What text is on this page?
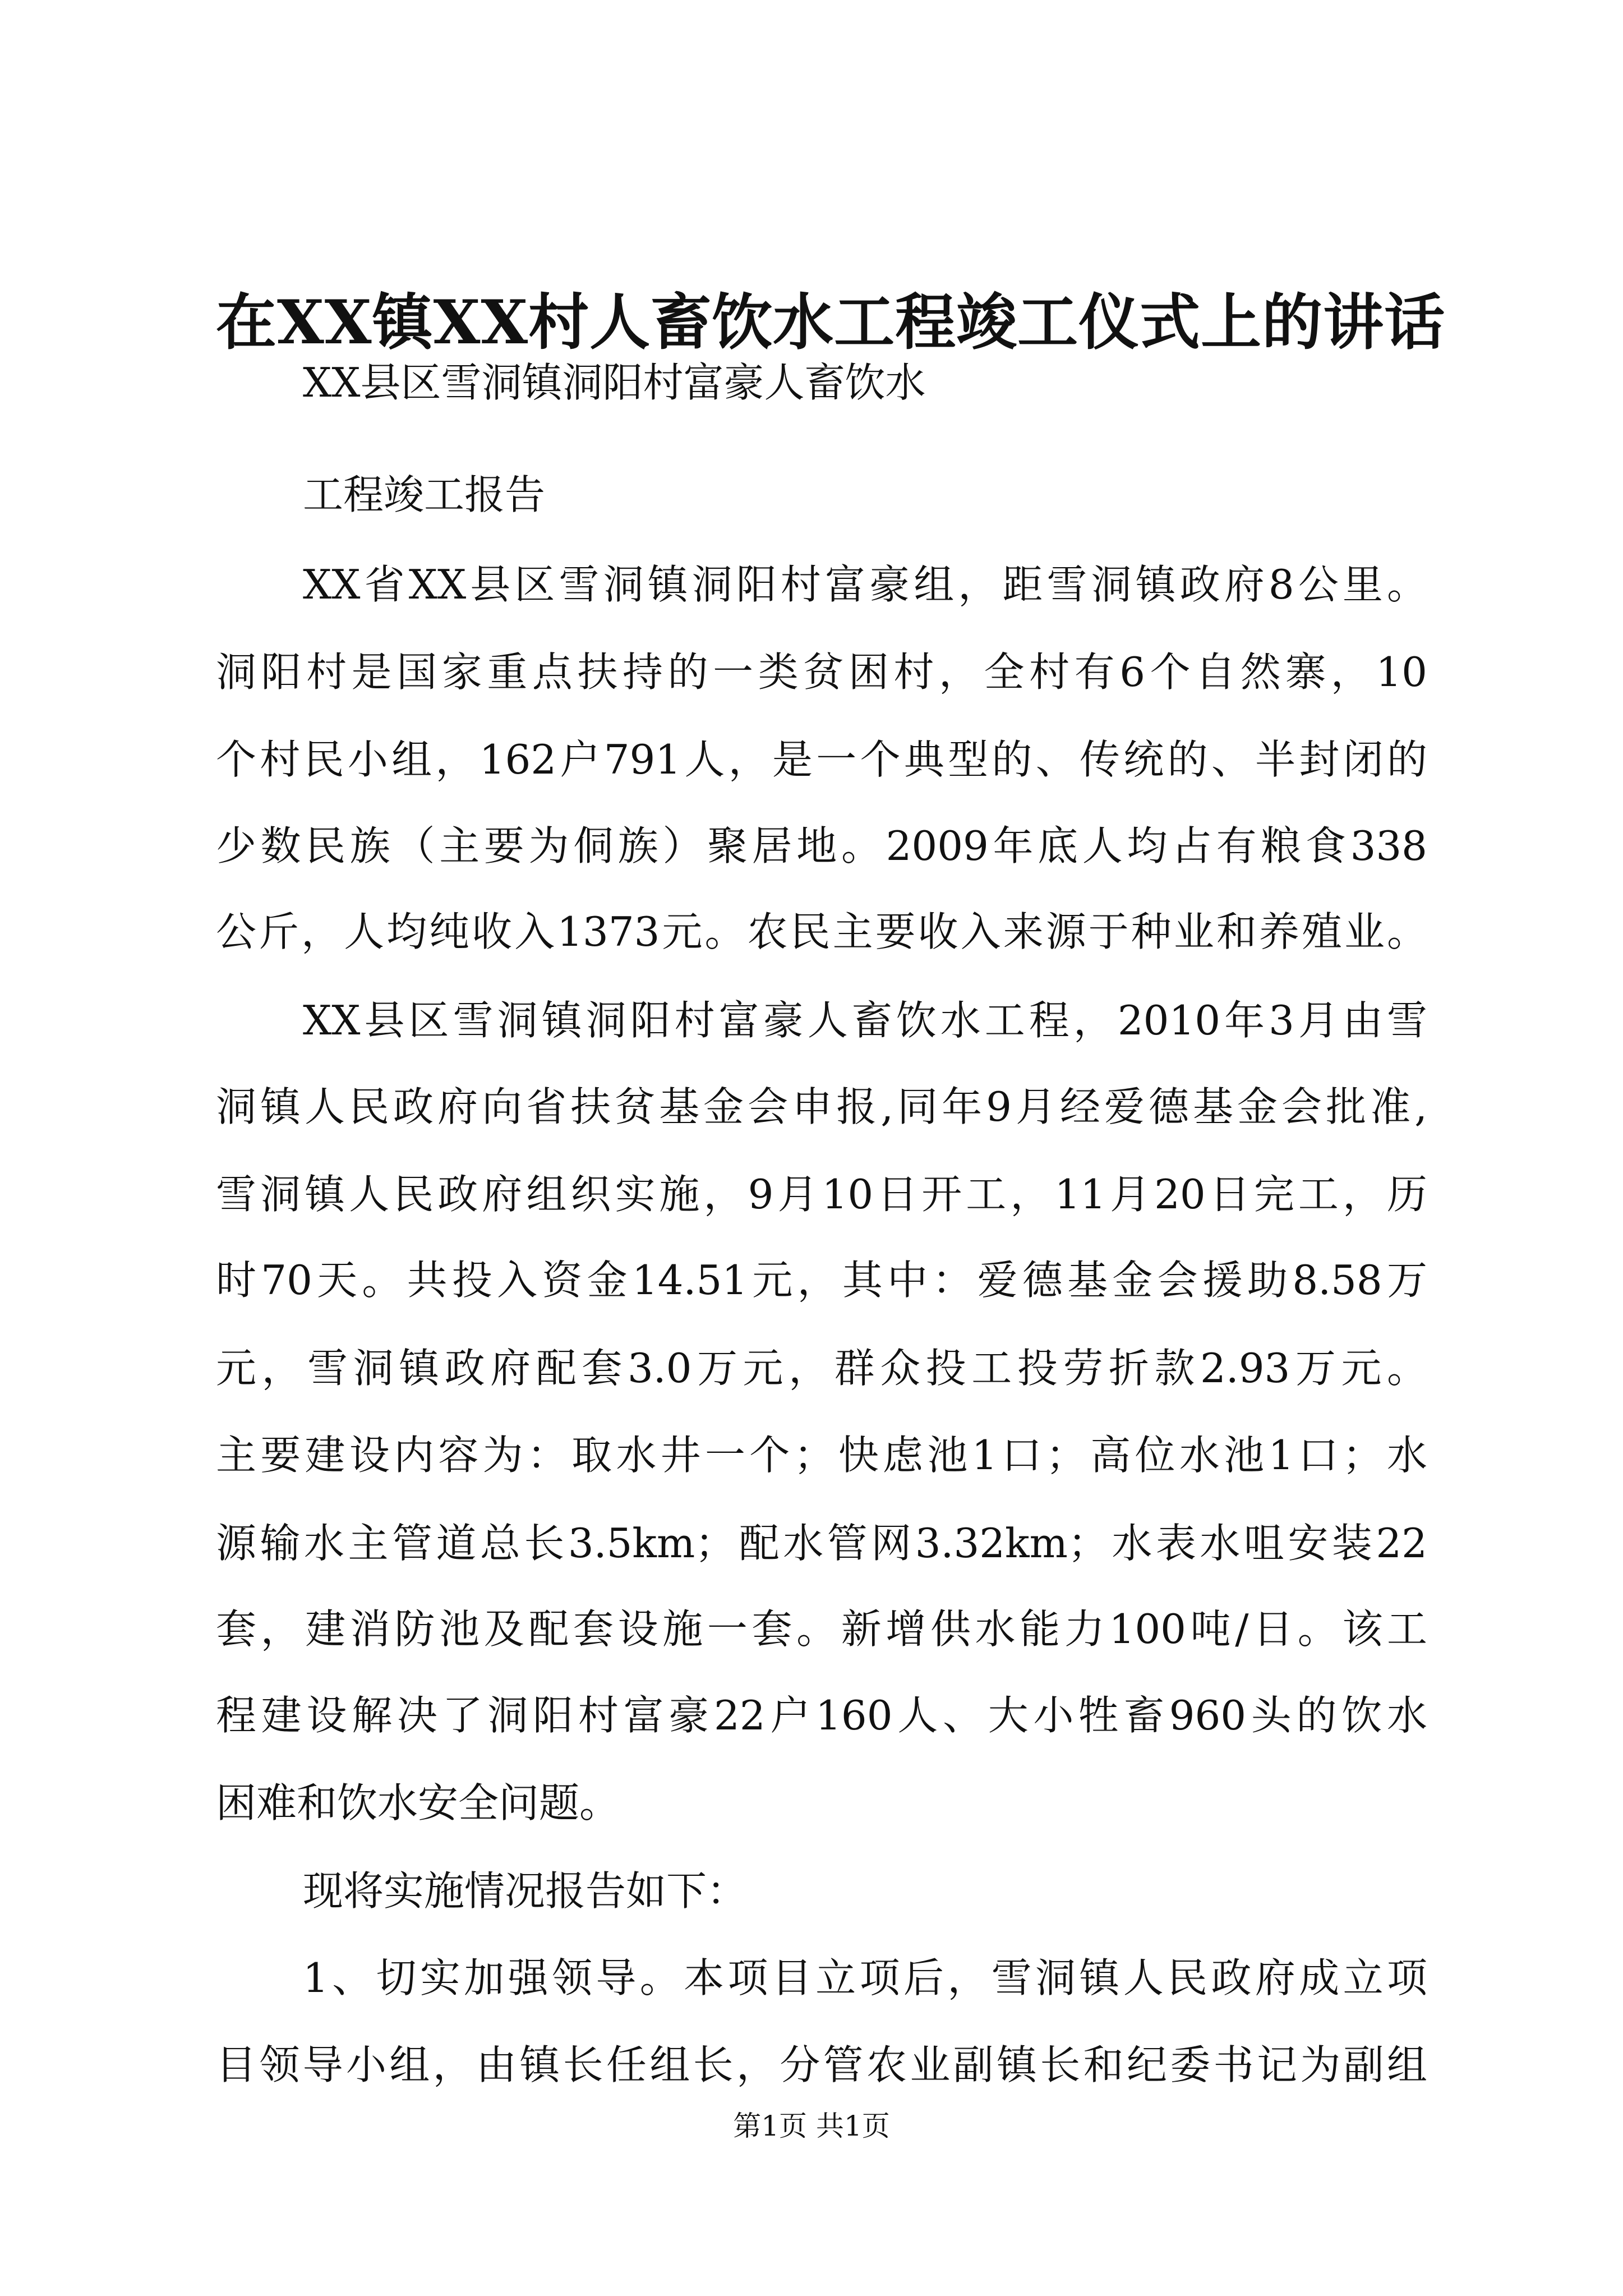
在XX镇XX村人畜饮水工程竣工仪式上的讲话

XX县区雪洞镇洞阳村富豪人畜饮水

工程竣工报告

XX省XX县区雪洞镇洞阳村富豪组，距雪洞镇政府8公里。

洞阳村是国家重点扶持的一类贫困村，全村有6个自然寨，10

个村民小组，162户791人，是一个典型的、传统的、半封闭的

少数民族（主要为侗族）聚居地。2009年底人均占有粮食338

公斤，人均纯收入1373元。农民主要收入来源于种业和养殖业。

XX县区雪洞镇洞阳村富豪人畜饮水工程，2010年3月由雪

洞镇人民政府向省扶贫基金会申报,同年9月经爱德基金会批准,

雪洞镇人民政府组织实施，9月10日开工，11月20日完工，历

时70天。共投入资金14.51元，其中：爱德基金会援助8.58万

元，雪洞镇政府配套3.0万元，群众投工投劳折款2.93万元。

主要建设内容为：取水井一个；快虑池1口；高位水池1口；水

源输水主管道总长3.5km；配水管网3.32km；水表水咀安装22

套，建消防池及配套设施一套。新增供水能力100吨/日。该工

程建设解决了洞阳村富豪22户160人、大小牲畜960头的饮水

困难和饮水安全问题。

现将实施情况报告如下：

1、切实加强领导。本项目立项后，雪洞镇人民政府成立项

目领导小组，由镇长任组长，分管农业副镇长和纪委书记为副组

第1页 共1页
